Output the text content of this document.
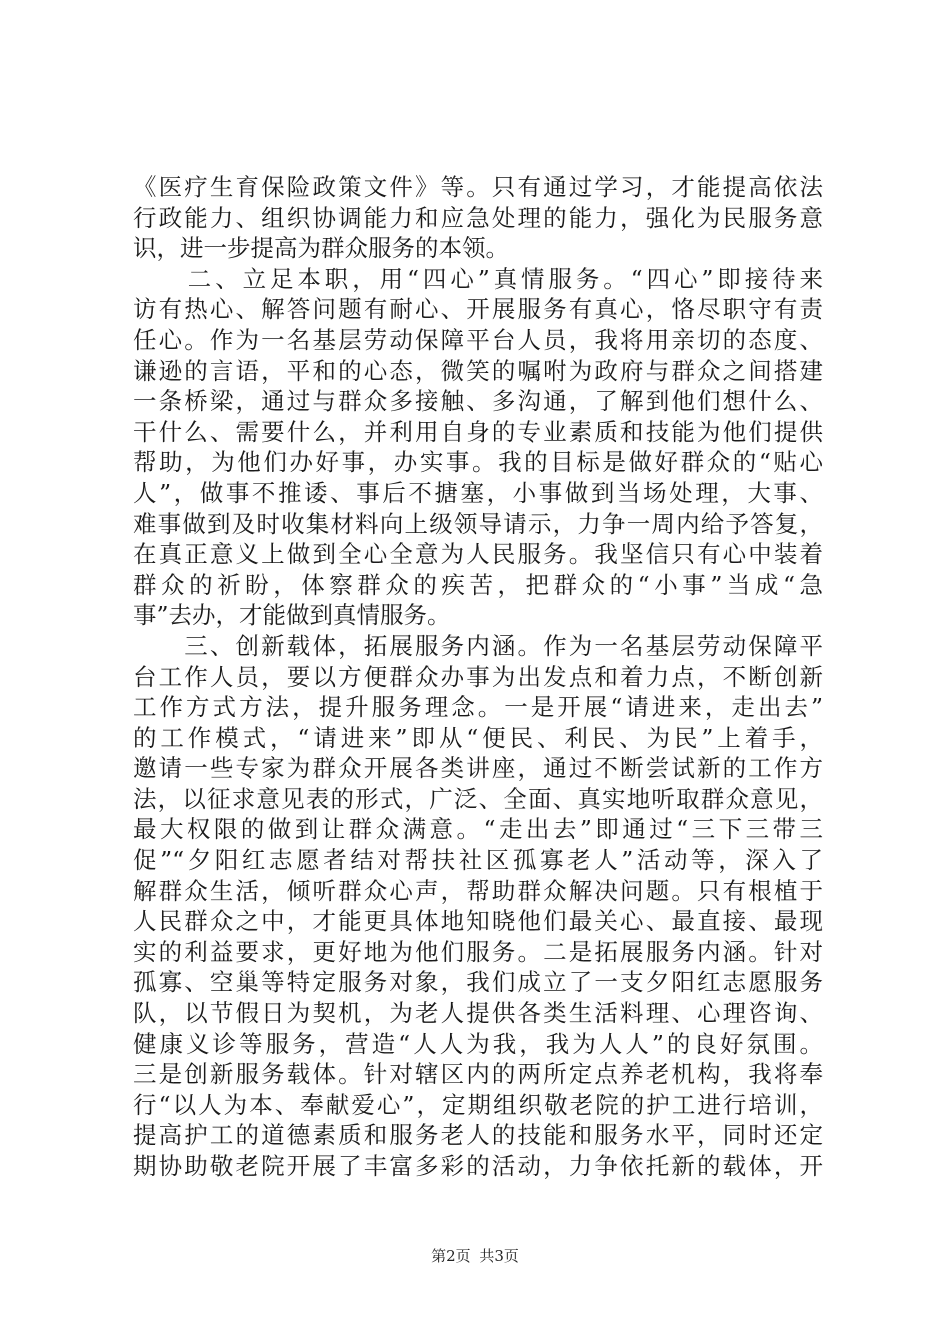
《医疗生育保险政策文件》等。只有通过学习，才能提高依法
行政能力、组织协调能力和应急处理的能力，强化为民服务意
识，进一步提高为群众服务的本领。
　　二、立足本职，用“四心”真情服务。“四心”即接待来
访有热心、解答问题有耐心、开展服务有真心，恪尽职守有责
任心。作为一名基层劳动保障平台人员，我将用亲切的态度、
谦逊的言语，平和的心态，微笑的嘱咐为政府与群众之间搭建
一条桥梁，通过与群众多接触、多沟通，了解到他们想什么、
干什么、需要什么，并利用自身的专业素质和技能为他们提供
帮助，为他们办好事，办实事。我的目标是做好群众的“贴心
人”，做事不推诿、事后不搪塞，小事做到当场处理，大事、
难事做到及时收集材料向上级领导请示，力争一周内给予答复，
在真正意义上做到全心全意为人民服务。我坚信只有心中装着
群众的祈盼，体察群众的疾苦，把群众的“小事”当成“急
事”去办，才能做到真情服务。
　　三、创新载体，拓展服务内涵。作为一名基层劳动保障平
台工作人员，要以方便群众办事为出发点和着力点，不断创新
工作方式方法，提升服务理念。一是开展“请进来，走出去”
的工作模式，“请进来”即从“便民、利民、为民”上着手，
邀请一些专家为群众开展各类讲座，通过不断尝试新的工作方
法，以征求意见表的形式，广泛、全面、真实地听取群众意见，
最大权限的做到让群众满意。“走出去”即通过“三下三带三
促”“夕阳红志愿者结对帮扶社区孤寡老人”活动等，深入了
解群众生活，倾听群众心声，帮助群众解决问题。只有根植于
人民群众之中，才能更具体地知晓他们最关心、最直接、最现
实的利益要求，更好地为他们服务。二是拓展服务内涵。针对
孤寡、空巢等特定服务对象，我们成立了一支夕阳红志愿服务
队，以节假日为契机，为老人提供各类生活料理、心理咨询、
健康义诊等服务，营造“人人为我，我为人人”的良好氛围。
三是创新服务载体。针对辖区内的两所定点养老机构，我将奉
行“以人为本、奉献爱心”，定期组织敬老院的护工进行培训，
提高护工的道德素质和服务老人的技能和服务水平，同时还定
期协助敬老院开展了丰富多彩的活动，力争依托新的载体，开
第2页 共3页
